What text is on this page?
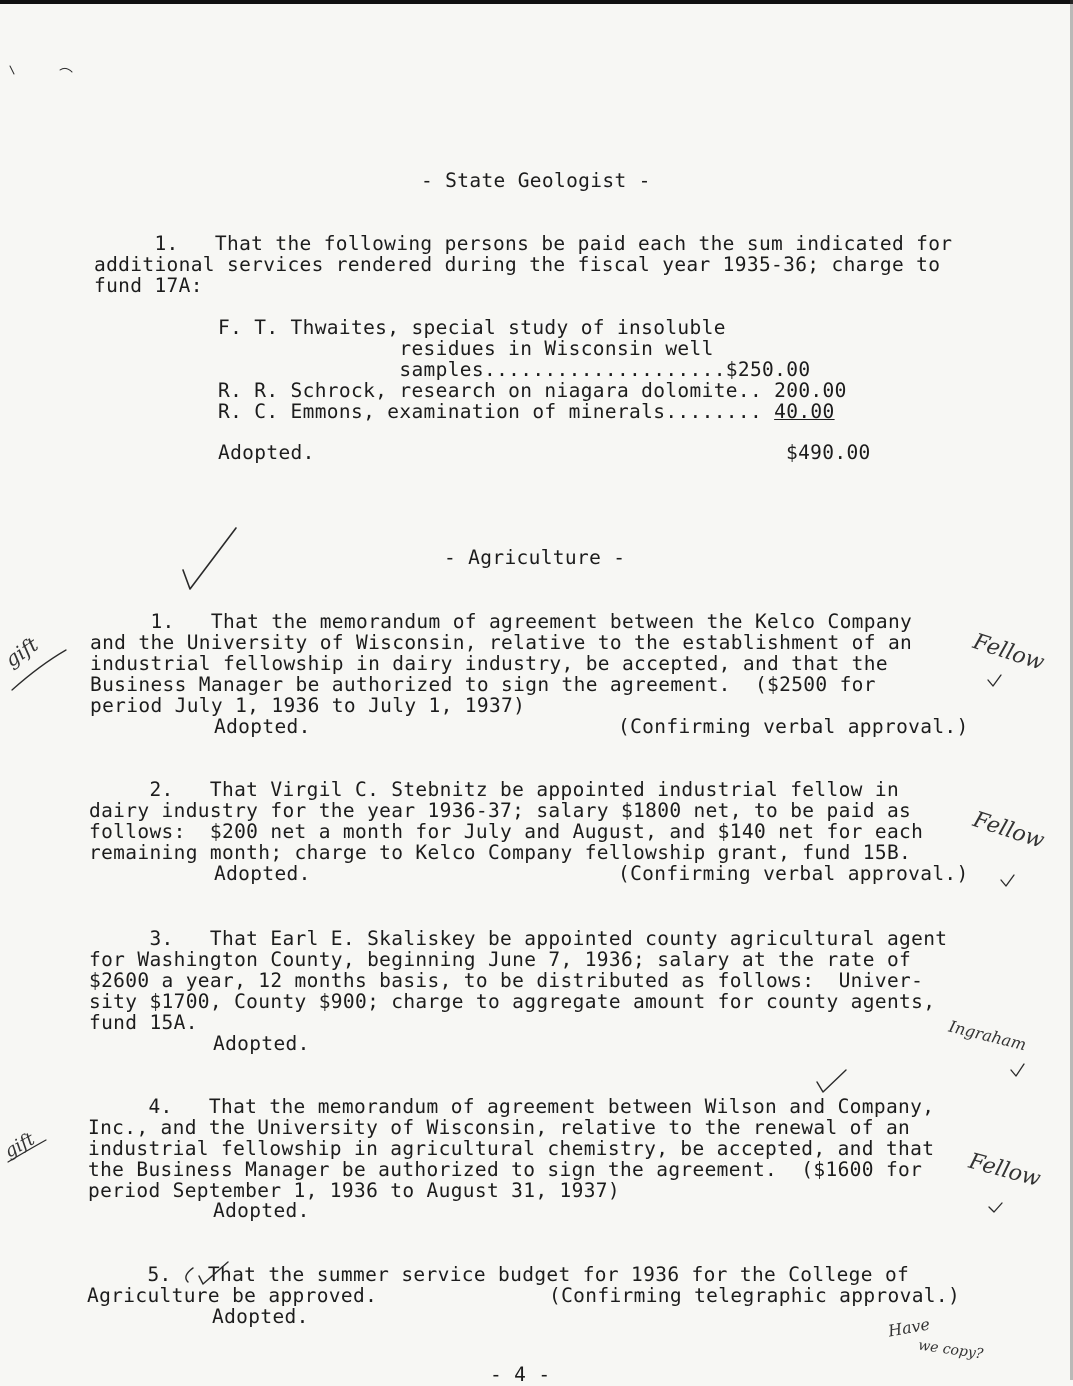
- State Geologist -
1.   That the following persons be paid each the sum indicated for
additional services rendered during the fiscal year 1935-36; charge to
fund 17A:
F. T. Thwaites, special study of insoluble
residues in Wisconsin well
samples....................$250.00
R. R. Schrock, research on niagara dolomite.. 200.00
R. C. Emmons, examination of minerals........ 40.00
Adopted.	$490.00
- Agriculture -
1.   That the memorandum of agreement between the Kelco Company
and the University of Wisconsin, relative to the establishment of an
industrial fellowship in dairy industry, be accepted, and that the
Business Manager be authorized to sign the agreement.  ($2500 for
period July 1, 1936 to July 1, 1937)
Adopted.	(Confirming verbal approval.)
2.   That Virgil C. Stebnitz be appointed industrial fellow in
dairy industry for the year 1936-37; salary $1800 net, to be paid as
follows:  $200 net a month for July and August, and $140 net for each
remaining month; charge to Kelco Company fellowship grant, fund 15B.
Adopted.	(Confirming verbal approval.)
3.   That Earl E. Skaliskey be appointed county agricultural agent
for Washington County, beginning June 7, 1936; salary at the rate of
$2600 a year, 12 months basis, to be distributed as follows:  Univer-
sity $1700, County $900; charge to aggregate amount for county agents,
fund 15A.
Adopted.
4.   That the memorandum of agreement between Wilson and Company,
Inc., and the University of Wisconsin, relative to the renewal of an
industrial fellowship in agricultural chemistry, be accepted, and that
the Business Manager be authorized to sign the agreement.  ($1600 for
period September 1, 1936 to August 31, 1937)
Adopted.
5.   That the summer service budget for 1936 for the College of
Agriculture be approved.	(Confirming telegraphic approval.)
Adopted.
- 4 -
Fellow
Fellow
Fellow
gift
gift
Ingraham
Have
we copy?
